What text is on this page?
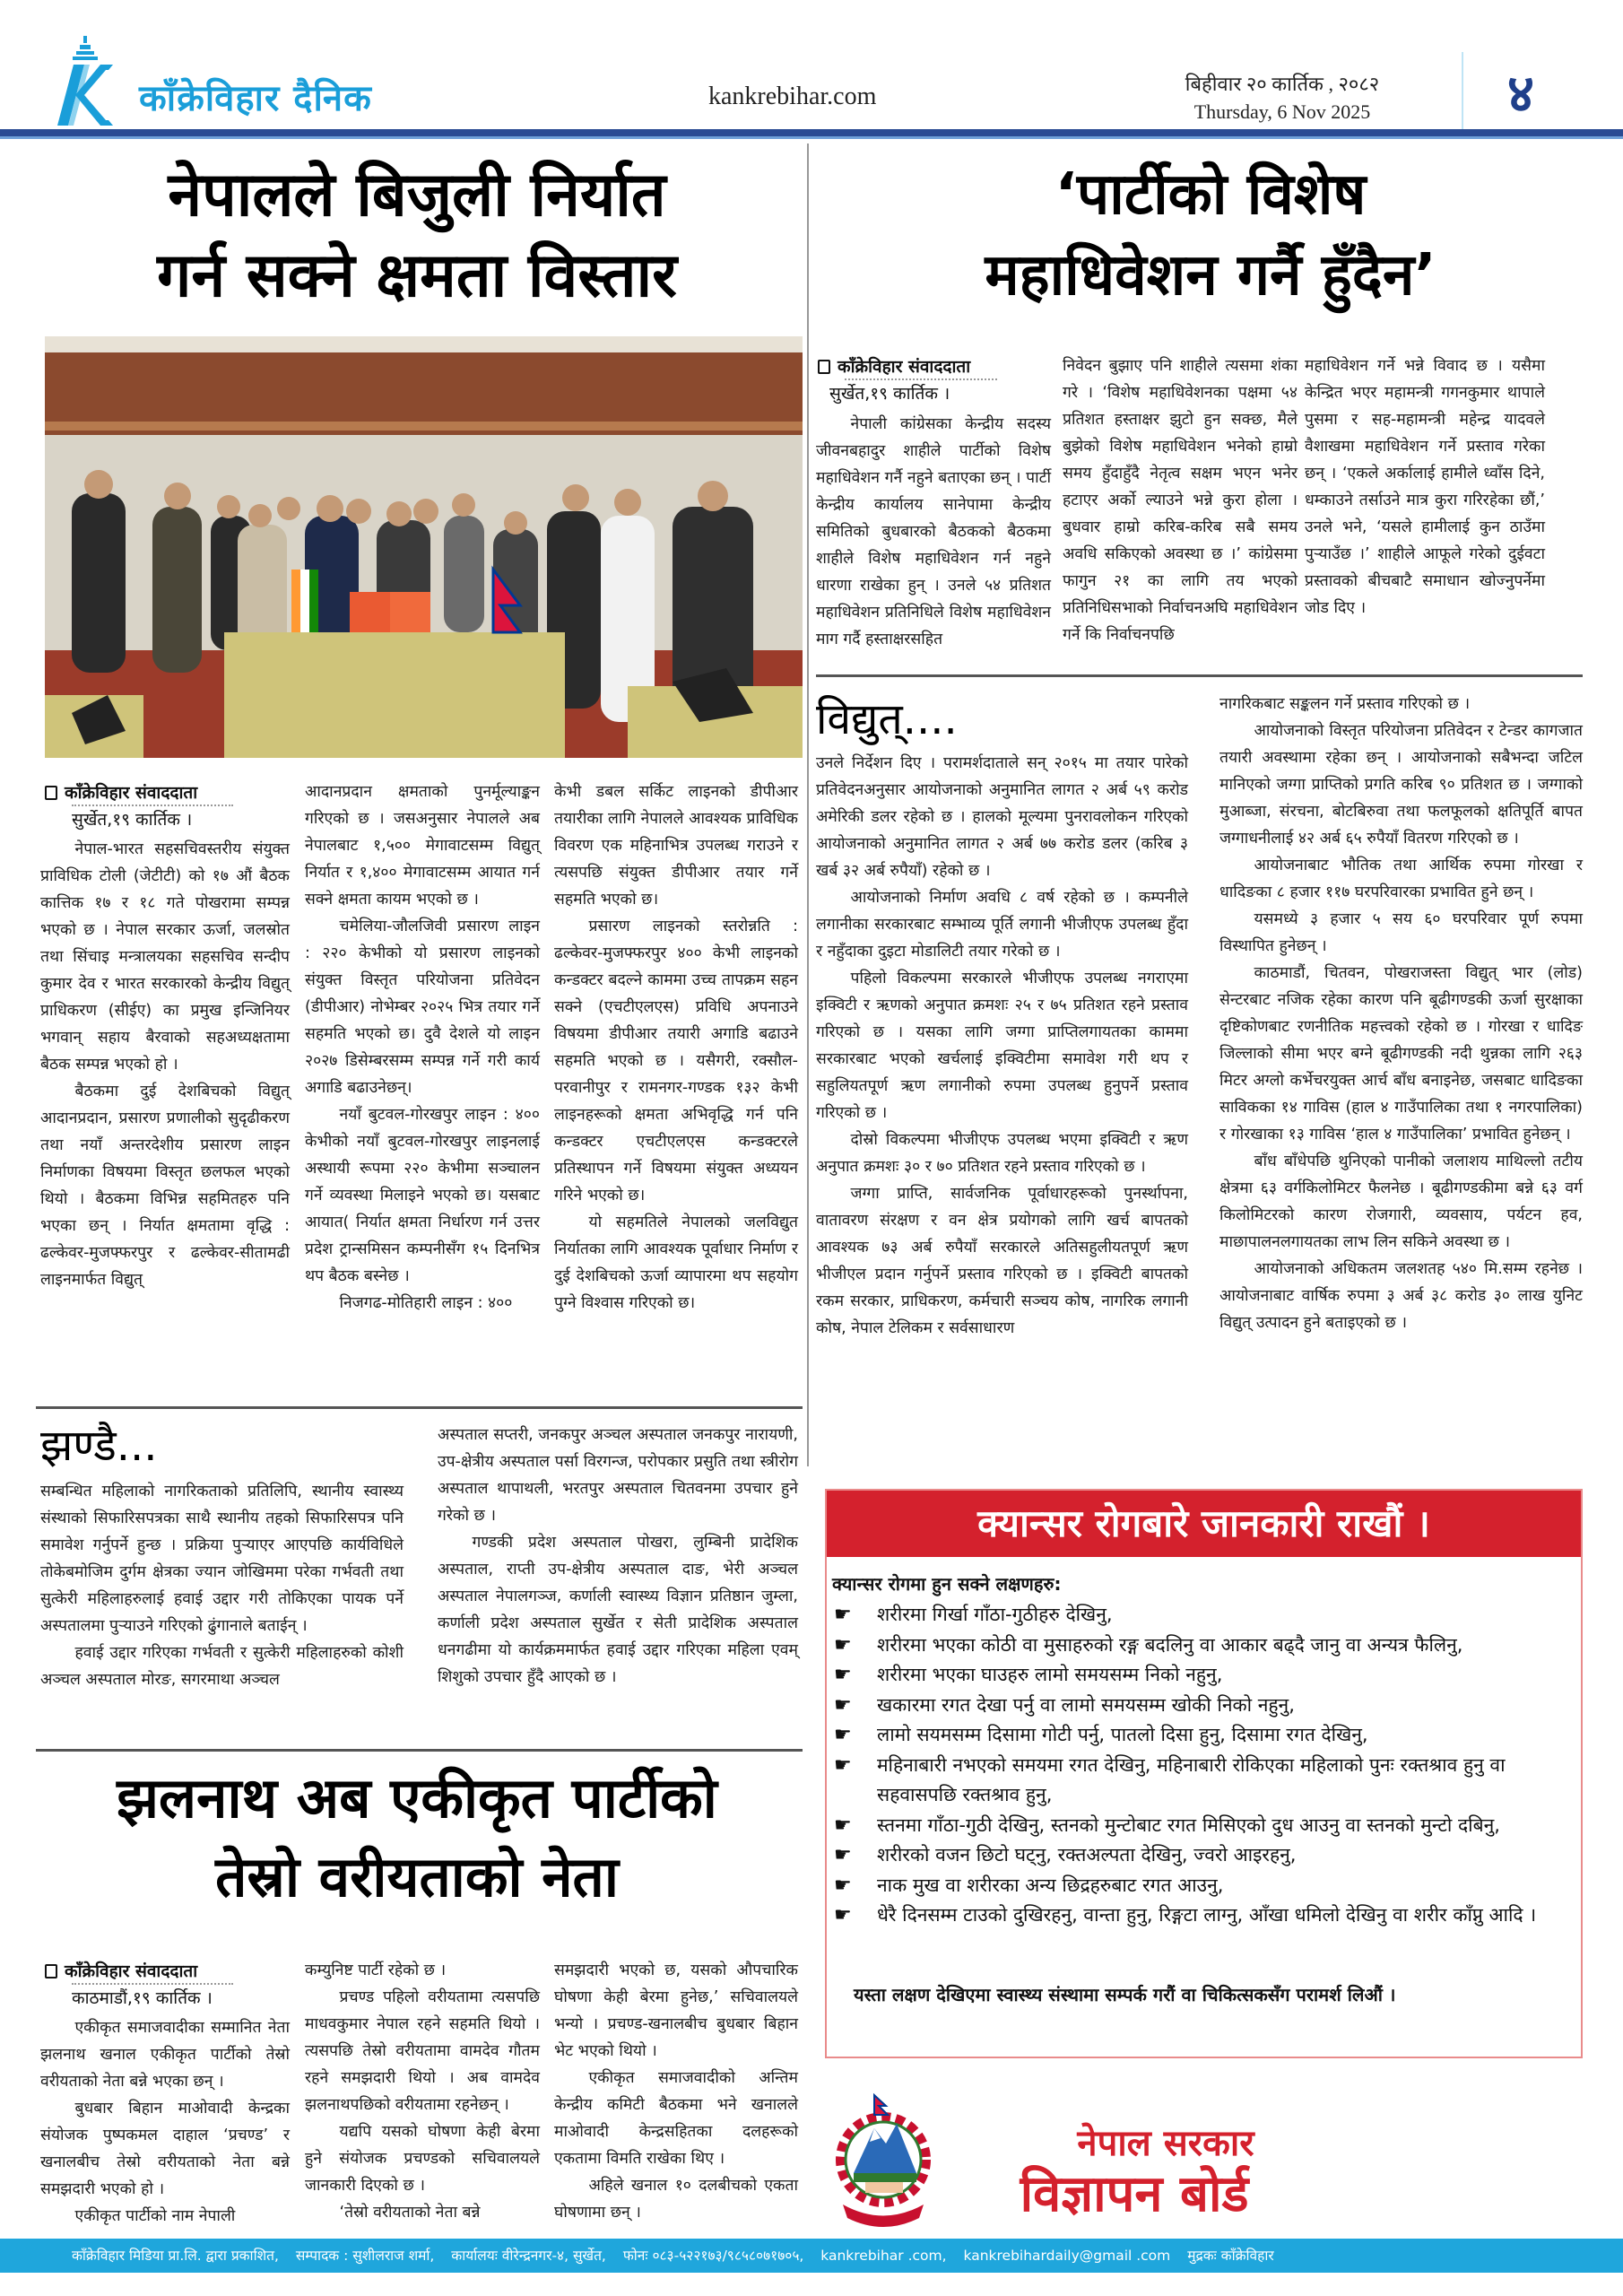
काँक्रेविहार दैनिक	kankrebihar.com	बिहीवार २० कार्तिक , २०८२
Thursday, 6 Nov 2025	४
नेपालले बिजुली निर्यात
गर्न सक्ने क्षमता विस्तार
काँक्रेविहार संवाददाता
सुर्खेत,१९ कार्तिक ।

नेपाल-भारत सहसचिवस्तरीय संयुक्त प्राविधिक टोली (जेटीटी) को १७ औं बैठक कात्तिक १७ र १८ गते पोखरामा सम्पन्न भएको छ । नेपाल सरकार ऊर्जा, जलस्रोत तथा सिंचाइ मन्त्रालयका सहसचिव सन्दीप कुमार देव र भारत सरकारको केन्द्रीय विद्युत् प्राधिकरण (सीईए) का प्रमुख इन्जिनियर भगवान् सहाय बैरवाको सहअध्यक्षतामा बैठक सम्पन्न भएको हो ।

बैठकमा दुई देशबिचको विद्युत् आदानप्रदान, प्रसारण प्रणालीको सुदृढीकरण तथा नयाँ अन्तरदेशीय प्रसारण लाइन निर्माणका विषयमा विस्तृत छलफल भएको थियो । बैठकमा विभिन्न सहमितहरु पनि भएका छन् । निर्यात क्षमतामा वृद्धि : ढल्केवर-मुजफ्फरपुर र ढल्केवर-सीतामढी लाइनमार्फत विद्युत्

आदानप्रदान क्षमताको पुनर्मूल्याङ्कन गरिएको छ । जसअनुसार नेपालले अब नेपालबाट १,५०० मेगावाटसम्म विद्युत् निर्यात र १,४०० मेगावाटसम्म आयात गर्न सक्ने क्षमता कायम भएको छ ।

चमेलिया-जौलजिवी प्रसारण लाइन : २२० केभीको यो प्रसारण लाइनको संयुक्त विस्तृत परियोजना प्रतिवेदन (डीपीआर) नोभेम्बर २०२५ भित्र तयार गर्ने सहमति भएको छ। दुवै देशले यो लाइन २०२७ डिसेम्बरसम्म सम्पन्न गर्ने गरी कार्य अगाडि बढाउनेछन्।

नयाँ बुटवल-गोरखपुर लाइन : ४०० केभीको नयाँ बुटवल-गोरखपुर लाइनलाई अस्थायी रूपमा २२० केभीमा सञ्चालन गर्ने व्यवस्था मिलाइने भएको छ। यसबाट आयात( निर्यात क्षमता निर्धारण गर्न उत्तर प्रदेश ट्रान्समिसन कम्पनीसँग १५ दिनभित्र थप बैठक बस्नेछ ।

निजगढ-मोतिहारी लाइन : ४००

केभी डबल सर्किट लाइनको डीपीआर तयारीका लागि नेपालले आवश्यक प्राविधिक विवरण एक महिनाभित्र उपलब्ध गराउने र त्यसपछि संयुक्त डीपीआर तयार गर्ने सहमति भएको छ।

प्रसारण लाइनको स्तरोन्नति : ढल्केवर-मुजफ्फरपुर ४०० केभी लाइनको कन्डक्टर बदल्ने काममा उच्च तापक्रम सहन सक्ने (एचटीएलएस) प्रविधि अपनाउने विषयमा डीपीआर तयारी अगाडि बढाउने सहमति भएको छ । यसैगरी, रक्सौल-परवानीपुर र रामनगर-गण्डक १३२ केभी लाइनहरूको क्षमता अभिवृद्धि गर्न पनि कन्डक्टर एचटीएलएस कन्डक्टरले प्रतिस्थापन गर्ने विषयमा संयुक्त अध्ययन गरिने भएको छ।

यो सहमतिले नेपालको जलविद्युत निर्यातका लागि आवश्यक पूर्वाधार निर्माण र दुई देशबिचको ऊर्जा व्यापारमा थप सहयोग पुग्ने विश्वास गरिएको छ।

झण्डै...

सम्बन्धित महिलाको नागरिकताको प्रतिलिपि, स्थानीय स्वास्थ्य संस्थाको सिफारिसपत्रका साथै स्थानीय तहको सिफारिसपत्र पनि समावेश गर्नुपर्ने हुन्छ । प्रक्रिया पुऱ्याएर आएपछि कार्यविधिले तोकेबमोजिम दुर्गम क्षेत्रका ज्यान जोखिममा परेका गर्भवती तथा सुत्केरी महिलाहरुलाई हवाई उद्दार गरी तोकिएका पायक पर्ने अस्पतालमा पुऱ्याउने गरिएको ढुंगानाले बताईन् ।

हवाई उद्दार गरिएका गर्भवती र सुत्केरी महिलाहरुको कोशी अञ्चल अस्पताल मोरङ, सगरमाथा अञ्चल

अस्पताल सप्तरी, जनकपुर अञ्चल अस्पताल जनकपुर नारायणी, उप-क्षेत्रीय अस्पताल पर्सा विरगन्ज, परोपकार प्रसुति तथा स्त्रीरोग अस्पताल थापाथली, भरतपुर अस्पताल चितवनमा उपचार हुने गरेको छ ।

गण्डकी प्रदेश अस्पताल पोखरा, लुम्बिनी प्रादेशिक अस्पताल, राप्ती उप-क्षेत्रीय अस्पताल दाङ, भेरी अञ्चल अस्पताल नेपालगञ्ज, कर्णाली स्वास्थ्य विज्ञान प्रतिष्ठान जुम्ला, कर्णाली प्रदेश अस्पताल सुर्खेत र सेती प्रादेशिक अस्पताल धनगढीमा यो कार्यक्रममार्फत हवाई उद्दार गरिएका महिला एवम् शिशुको उपचार हुँदै आएको छ ।

झलनाथ अब एकीकृत पार्टीको
तेस्रो वरीयताको नेता
काँक्रेविहार संवाददाता
काठमाडौं,१९ कार्तिक ।

एकीकृत समाजवादीका सम्मानित नेता झलनाथ खनाल एकीकृत पार्टीको तेस्रो वरीयताको नेता बन्ने भएका छन् ।

बुधबार बिहान माओवादी केन्द्रका संयोजक पुष्पकमल दाहाल ‘प्रचण्ड’ र खनालबीच तेस्रो वरीयताको नेता बन्ने समझदारी भएको हो ।

एकीकृत पार्टीको नाम नेपाली

कम्युनिष्ट पार्टी रहेको छ ।

प्रचण्ड पहिलो वरीयतामा त्यसपछि माधवकुमार नेपाल रहने सहमति थियो । त्यसपछि तेस्रो वरीयतामा वामदेव गौतम रहने समझदारी थियो । अब वामदेव झलनाथपछिको वरीयतामा रहनेछन् ।

यद्यपि यसको घोषणा केही बेरमा हुने संयोजक प्रचण्डको सचिवालयले जानकारी दिएको छ ।

‘तेस्रो वरीयताको नेता बन्ने

समझदारी भएको छ, यसको औपचारिक घोषणा केही बेरमा हुनेछ,’ सचिवालयले भन्यो । प्रचण्ड-खनालबीच बुधबार बिहान भेट भएको थियो ।

एकीकृत समाजवादीको अन्तिम केन्द्रीय कमिटी बैठकमा भने खनालले माओवादी केन्द्रसहितका दलहरूको एकतामा विमति राखेका थिए ।

अहिले खनाल १० दलबीचको एकता घोषणामा छन् ।

‘पार्टीको विशेष
महाधिवेशन गर्नै हुँदैन’
काँक्रेविहार संवाददाता
सुर्खेत,१९ कार्तिक ।

नेपाली कांग्रेसका केन्द्रीय सदस्य जीवनबहादुर शाहीले पार्टीको विशेष महाधिवेशन गर्नै नहुने बताएका छन् । पार्टी केन्द्रीय कार्यालय सानेपामा केन्द्रीय समितिको बुधबारको बैठकको बैठकमा शाहीले विशेष महाधिवेशन गर्न नहुने धारणा राखेका हुन् । उनले ५४ प्रतिशत महाधिवेशन प्रतिनिधिले विशेष महाधिवेशन माग गर्दै हस्ताक्षरसहित

निवेदन बुझाए पनि शाहीले त्यसमा शंका गरे । ‘विशेष महाधिवेशनका पक्षमा ५४ प्रतिशत हस्ताक्षर झुटो हुन सक्छ, मैले बुझेको विशेष महाधिवेशन भनेको हाम्रो समय हुँदाहुँदै नेतृत्व सक्षम भएन भनेर हटाएर अर्को ल्याउने भन्ने कुरा होला । बुधवार हाम्रो करिब-करिब सबै समय अवधि सकिएको अवस्था छ ।’ कांग्रेसमा फागुन २१ का लागि तय भएको प्रतिनिधिसभाको निर्वाचनअघि महाधिवेशन गर्ने कि निर्वाचनपछि

महाधिवेशन गर्ने भन्ने विवाद छ । यसैमा केन्द्रित भएर महामन्त्री गगनकुमार थापाले पुसमा र सह-महामन्त्री महेन्द्र यादवले वैशाखमा महाधिवेशन गर्ने प्रस्ताव गरेका छन् । ‘एकले अर्कालाई हामीले ध्वाँस दिने, धम्काउने तर्साउने मात्र कुरा गरिरहेका छौं,’ उनले भने, ‘यसले हामीलाई कुन ठाउँमा पुऱ्याउँछ ।’ शाहीले आफूले गरेको दुईवटा प्रस्तावको बीचबाटै समाधान खोज्नुपर्नेमा जोड दिए ।

विद्युत्....

उनले निर्देशन दिए । परामर्शदाताले सन् २०१५ मा तयार पारेको प्रतिवेदनअनुसार आयोजनाको अनुमानित लागत २ अर्ब ५९ करोड अमेरिकी डलर रहेको छ । हालको मूल्यमा पुनरावलोकन गरिएको आयोजनाको अनुमानित लागत २ अर्ब ७७ करोड डलर (करिब ३ खर्ब ३२ अर्ब रुपैयाँ) रहेको छ ।

आयोजनाको निर्माण अवधि ८ वर्ष रहेको छ । कम्पनीले लगानीका सरकारबाट सम्भाव्य पूर्ति लगानी भीजीएफ उपलब्ध हुँदा र नहुँदाका दुइटा मोडालिटी तयार गरेको छ ।

पहिलो विकल्पमा सरकारले भीजीएफ उपलब्ध नगराएमा इक्विटी र ऋणको अनुपात क्रमशः २५ र ७५ प्रतिशत रहने प्रस्ताव गरिएको छ । यसका लागि जग्गा प्राप्तिलगायतका काममा सरकारबाट भएको खर्चलाई इक्विटीमा समावेश गरी थप र सहुलियतपूर्ण ऋण लगानीको रुपमा उपलब्ध हुनुपर्ने प्रस्ताव गरिएको छ ।

दोस्रो विकल्पमा भीजीएफ उपलब्ध भएमा इक्विटी र ऋण अनुपात क्रमशः ३० र ७० प्रतिशत रहने प्रस्ताव गरिएको छ ।

जग्गा प्राप्ति, सार्वजनिक पूर्वाधारहरूको पुनर्स्थापना, वातावरण संरक्षण र वन क्षेत्र प्रयोगको लागि खर्च बापतको आवश्यक ७३ अर्ब रुपैयाँ सरकारले अतिसहुलीयतपूर्ण ऋण भीजीएल प्रदान गर्नुपर्ने प्रस्ताव गरिएको छ । इक्विटी बापतको रकम सरकार, प्राधिकरण, कर्मचारी सञ्चय कोष, नागरिक लगानी कोष, नेपाल टेलिकम र सर्वसाधारण

नागरिकबाट सङ्कलन गर्ने प्रस्ताव गरिएको छ ।

आयोजनाको विस्तृत परियोजना प्रतिवेदन र टेन्डर कागजात तयारी अवस्थामा रहेका छन् । आयोजनाको सबैभन्दा जटिल मानिएको जग्गा प्राप्तिको प्रगति करिब ९० प्रतिशत छ । जग्गाको मुआब्जा, संरचना, बोटबिरुवा तथा फलफूलको क्षतिपूर्ति बापत जग्गाधनीलाई ४२ अर्ब ६५ रुपैयाँ वितरण गरिएको छ ।

आयोजनाबाट भौतिक तथा आर्थिक रुपमा गोरखा र धादिङका ८ हजार ११७ घरपरिवारका प्रभावित हुने छन् ।

यसमध्ये ३ हजार ५ सय ६० घरपरिवार पूर्ण रुपमा विस्थापित हुनेछन् ।

काठमाडौं, चितवन, पोखराजस्ता विद्युत् भार (लोड) सेन्टरबाट नजिक रहेका कारण पनि बूढीगण्डकी ऊर्जा सुरक्षाका दृष्टिकोणबाट रणनीतिक महत्त्वको रहेको छ । गोरखा र धादिङ जिल्लाको सीमा भएर बग्ने बूढीगण्डकी नदी थुन्नका लागि २६३ मिटर अग्लो कर्भेचरयुक्त आर्च बाँध बनाइनेछ, जसबाट धादिङका साविकका १४ गाविस (हाल ४ गाउँपालिका तथा १ नगरपालिका) र गोरखाका १३ गाविस ‘हाल ४ गाउँपालिका’ प्रभावित हुनेछन् ।

बाँध बाँधेपछि थुनिएको पानीको जलाशय माथिल्लो तटीय क्षेत्रमा ६३ वर्गकिलोमिटर फैलनेछ । बूढीगण्डकीमा बन्ने ६३ वर्ग किलोमिटरको कारण रोजगारी, व्यवसाय, पर्यटन हव, माछापालनलगायतका लाभ लिन सकिने अवस्था छ ।

आयोजनाको अधिकतम जलशतह ५४० मि.सम्म रहनेछ । आयोजनाबाट वार्षिक रुपमा ३ अर्ब ३८ करोड ३० लाख युनिट विद्युत् उत्पादन हुने बताइएको छ ।

क्यान्सर रोगबारे जानकारी राखौं ।
क्यान्सर रोगमा हुन सक्ने लक्षणहरु:
☛ शरीरमा गिर्खा गाँठा-गुठीहरु देखिनु,
☛ शरीरमा भएका कोठी वा मुसाहरुको रङ्ग बदलिनु वा आकार बढ्दै जानु वा अन्यत्र फैलिनु,
☛ शरीरमा भएका घाउहरु लामो समयसम्म निको नहुनु,
☛ खकारमा रगत देखा पर्नु वा लामो समयसम्म खोकी निको नहुनु,
☛ लामो सयमसम्म दिसामा गोटी पर्नु, पातलो दिसा हुनु, दिसामा रगत देखिनु,
☛ महिनाबारी नभएको समयमा रगत देखिनु, महिनाबारी रोकिएका महिलाको पुनः रक्तश्राव हुनु वा सहवासपछि रक्तश्राव हुनु,
☛ स्तनमा गाँठा-गुठी देखिनु, स्तनको मुन्टोबाट रगत मिसिएको दुध आउनु वा स्तनको मुन्टो दबिनु,
☛ शरीरको वजन छिटो घट्नु, रक्तअल्पता देखिनु, ज्वरो आइरहनु,
☛ नाक मुख वा शरीरका अन्य छिद्रहरुबाट रगत आउनु,
☛ धेरै दिनसम्म टाउको दुखिरहनु, वान्ता हुनु, रिङ्गटा लाग्नु, आँखा धमिलो देखिनु वा शरीर काँप्नु आदि ।
यस्ता लक्षण देखिएमा स्वास्थ्य संस्थामा सम्पर्क गरौं वा चिकित्सकसँग परामर्श लिऔं ।
नेपाल सरकार
विज्ञापन बोर्ड
काँक्रेविहार मिडिया प्रा.लि. द्वारा प्रकाशित, सम्पादक : सुशीलराज शर्मा, कार्यालयः वीरेन्द्रनगर-४, सुर्खेत, फोनः ०८३-५२२१७३/९८५८०७१७०५, kankrebihar .com, kankrebihardaily@gmail .com मुद्रकः काँक्रेविहार
